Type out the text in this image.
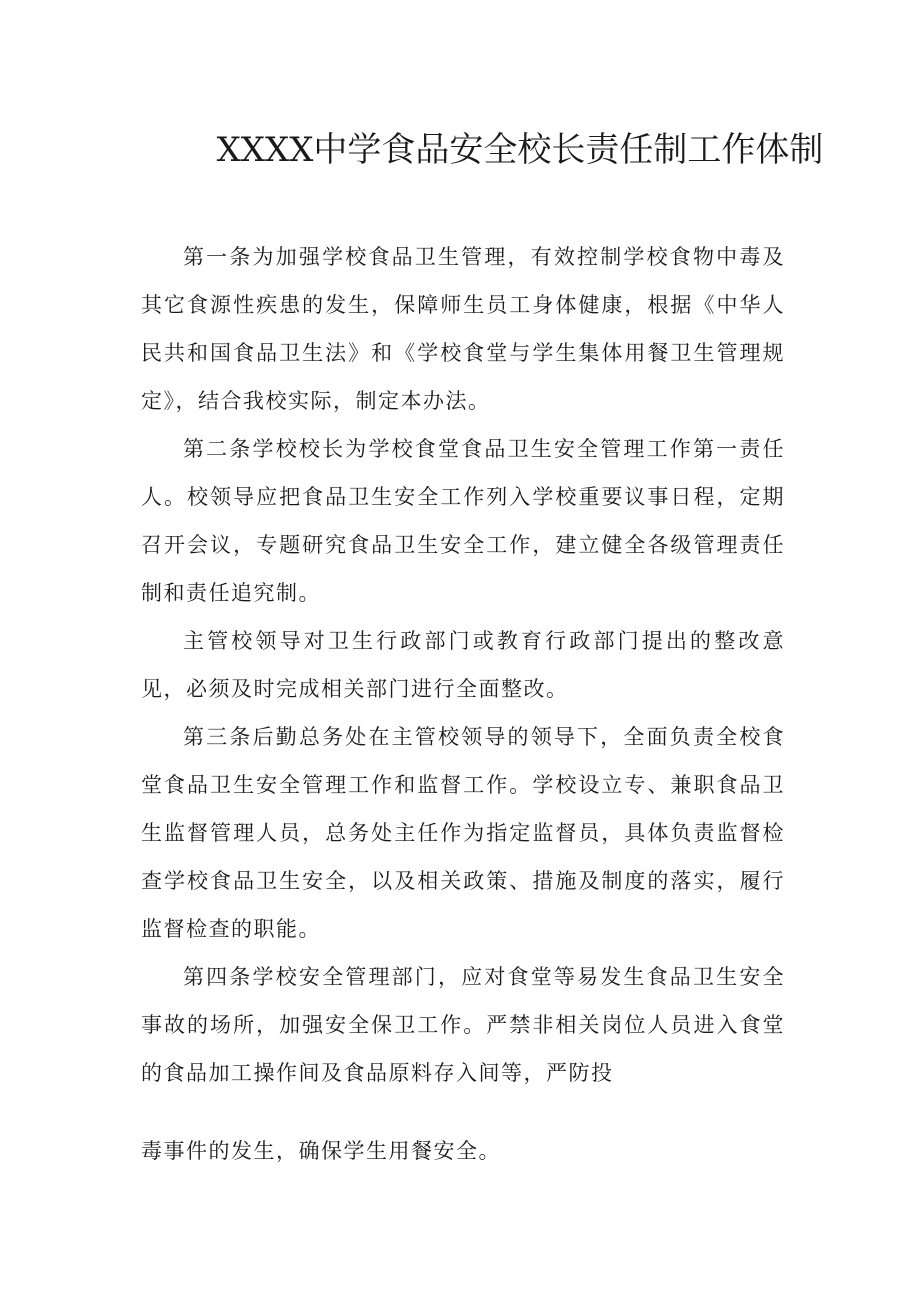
XXXX中学食品安全校长责任制工作体制

第一条为加强学校食品卫生管理，有效控制学校食物中毒及其它食源性疾患的发生，保障师生员工身体健康，根据《中华人民共和国食品卫生法》和《学校食堂与学生集体用餐卫生管理规定》，结合我校实际，制定本办法。

第二条学校校长为学校食堂食品卫生安全管理工作第一责任人。校领导应把食品卫生安全工作列入学校重要议事日程，定期召开会议，专题研究食品卫生安全工作，建立健全各级管理责任制和责任追究制。

主管校领导对卫生行政部门或教育行政部门提出的整改意见，必须及时完成相关部门进行全面整改。

第三条后勤总务处在主管校领导的领导下，全面负责全校食堂食品卫生安全管理工作和监督工作。学校设立专、兼职食品卫生监督管理人员，总务处主任作为指定监督员，具体负责监督检查学校食品卫生安全，以及相关政策、措施及制度的落实，履行监督检查的职能。

第四条学校安全管理部门，应对食堂等易发生食品卫生安全事故的场所，加强安全保卫工作。严禁非相关岗位人员进入食堂的食品加工操作间及食品原料存入间等，严防投

毒事件的发生，确保学生用餐安全。
